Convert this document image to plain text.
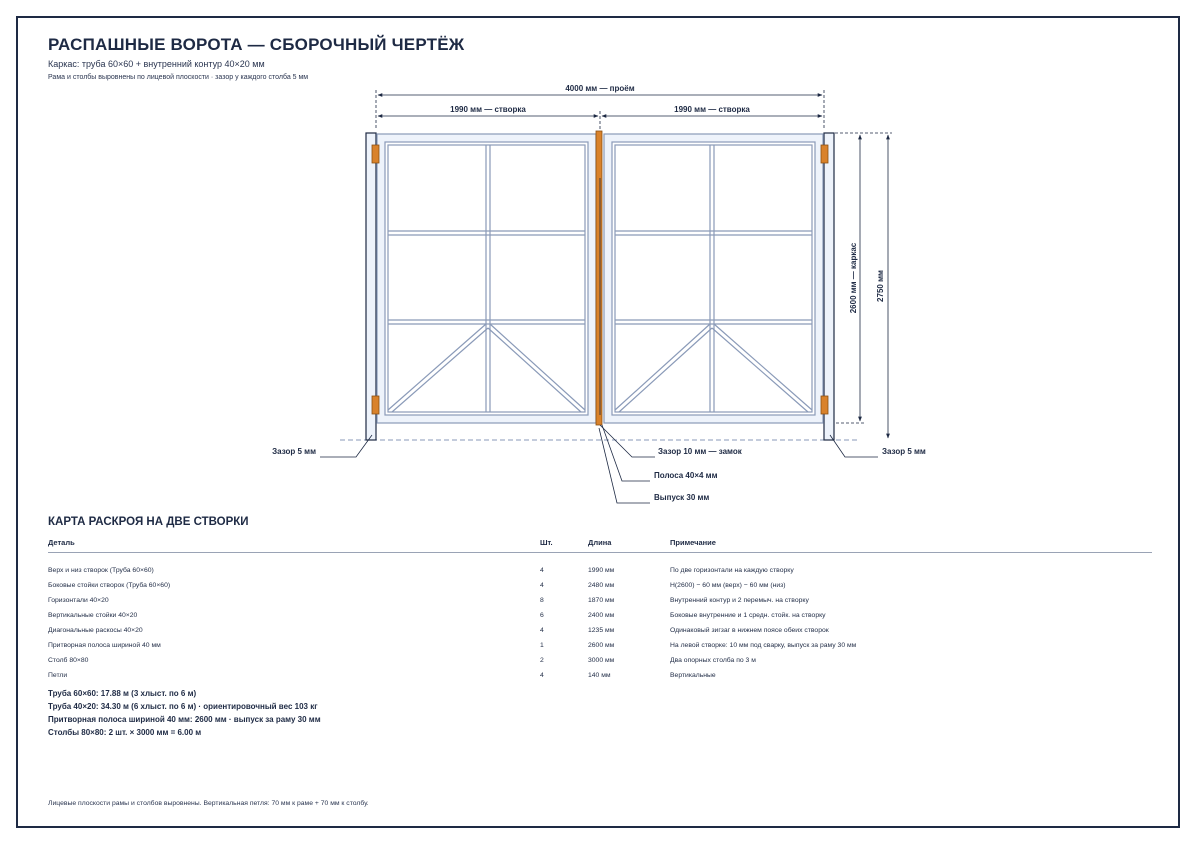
РАСПАШНЫЕ ВОРОТА — СБОРОЧНЫЙ ЧЕРТЁЖ
Каркас: труба 60×60 + внутренний контур 40×20 мм
Рама и столбы выровнены по лицевой плоскости · зазор у каждого столба 5 мм
4000 мм — проём
1990 мм — створка	1990 мм — створка
2600 мм — каркас 2750 мм
Зазор 5 мм	Зазор 5 мм
Зазор 10 мм — замок
Полоса 40×4 мм
Выпуск 30 мм
КАРТА РАСКРОЯ НА ДВЕ СТВОРКИ
Деталь	Шт.	Длина	Примечание

Верх и низ створок (Труба 60×60)	4	1990 мм	По две горизонтали на каждую створку
Боковые стойки створок (Труба 60×60)	4	2480 мм	H(2600) − 60 мм (верх) − 60 мм (низ)
Горизонтали 40×20	8	1870 мм	Внутренний контур и 2 перемыч. на створку
Вертикальные стойки 40×20	6	2400 мм	Боковые внутренние и 1 средн. стойк. на створку
Диагональные раскосы 40×20	4	1235 мм	Одинаковый зигзаг в нижнем поясе обеих створок
Притворная полоса шириной 40 мм	1	2600 мм	На левой створке: 10 мм под сварку, выпуск за раму 30 мм
Столб 80×80	2	3000 мм	Два опорных столба по 3 м
Петли	4	140 мм	Вертикальные
Труба 60×60: 17.88 м (3 хлыст. по 6 м)
Труба 40×20: 34.30 м (6 хлыст. по 6 м) · ориентировочный вес 103 кг
Притворная полоса шириной 40 мм: 2600 мм · выпуск за раму 30 мм
Столбы 80×80: 2 шт. × 3000 мм = 6.00 м
Лицевые плоскости рамы и столбов выровнены. Вертикальная петля: 70 мм к раме + 70 мм к столбу.
